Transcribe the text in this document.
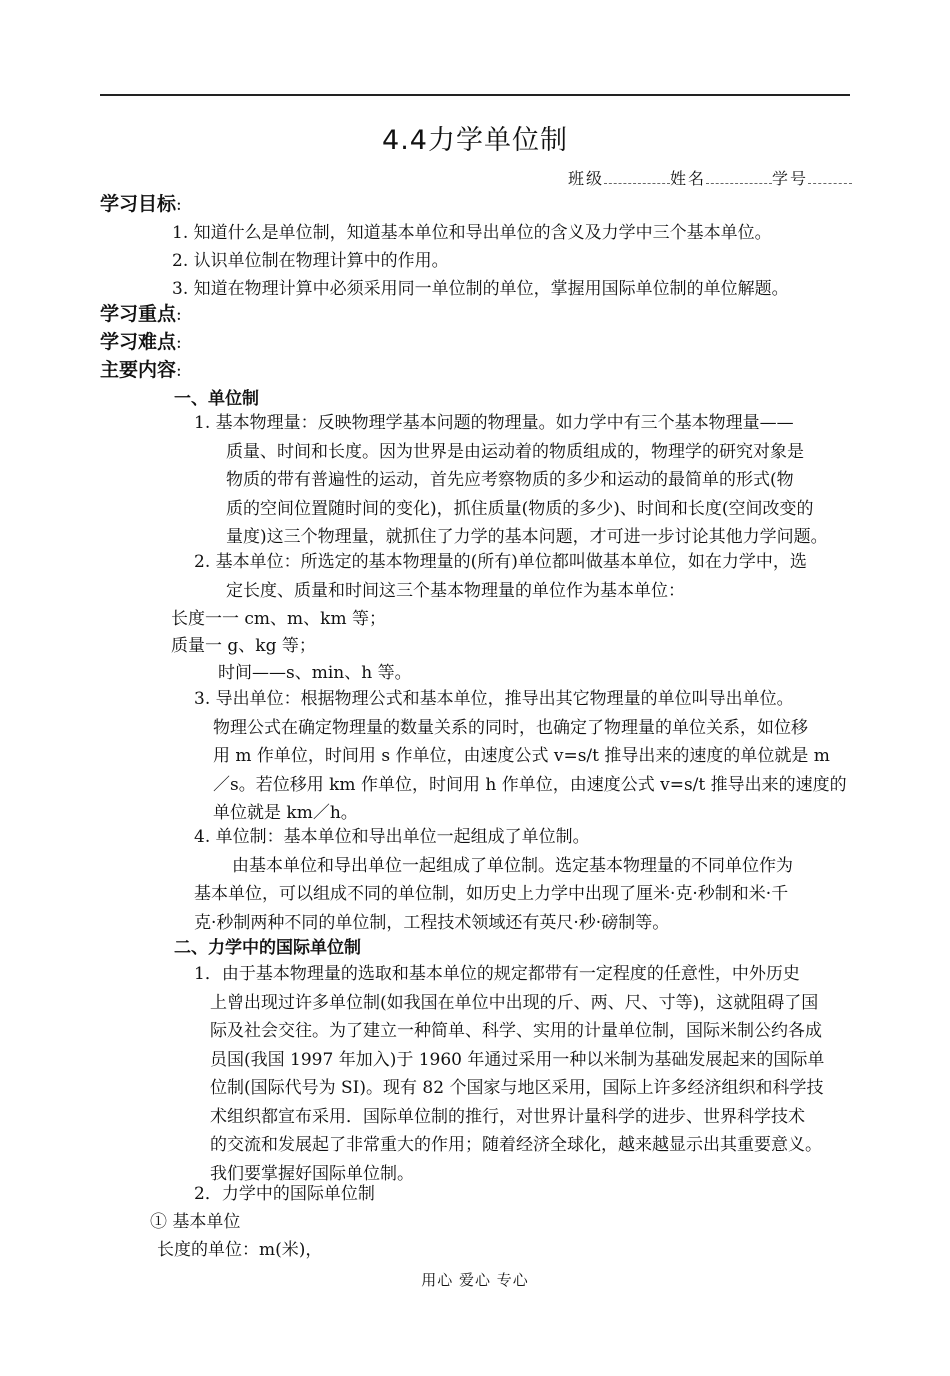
4.4力学单位制
班级	姓名	学号
学习目标:
1. 知道什么是单位制，知道基本单位和导出单位的含义及力学中三个基本单位。
2. 认识单位制在物理计算中的作用。
3. 知道在物理计算中必须采用同一单位制的单位，掌握用国际单位制的单位解题。
学习重点:
学习难点:
主要内容:
一、单位制
1. 基本物理量：反映物理学基本问题的物理量。如力学中有三个基本物理量——
质量、时间和长度。因为世界是由运动着的物质组成的，物理学的研究对象是
物质的带有普遍性的运动，首先应考察物质的多少和运动的最简单的形式(物
质的空间位置随时间的变化)，抓住质量(物质的多少)、时间和长度(空间改变的
量度)这三个物理量，就抓住了力学的基本问题，才可进一步讨论其他力学问题。
2. 基本单位：所选定的基本物理量的(所有)单位都叫做基本单位，如在力学中，选
定长度、质量和时间这三个基本物理量的单位作为基本单位：
长度一一 cm、m、km 等；
质量一 g、kg 等；
时间——s、min、h 等。
3. 导出单位：根据物理公式和基本单位，推导出其它物理量的单位叫导出单位。
物理公式在确定物理量的数量关系的同时，也确定了物理量的单位关系，如位移
用 m 作单位，时间用 s 作单位，由速度公式 v=s/t 推导出来的速度的单位就是 m
／s。若位移用 km 作单位，时间用 h 作单位，由速度公式 v=s/t 推导出来的速度的
单位就是 km／h。
4. 单位制：基本单位和导出单位一起组成了单位制。
由基本单位和导出单位一起组成了单位制。选定基本物理量的不同单位作为
基本单位，可以组成不同的单位制，如历史上力学中出现了厘米·克·秒制和米·千
克·秒制两种不同的单位制，工程技术领域还有英尺·秒·磅制等。
二、力学中的国际单位制
1．由于基本物理量的选取和基本单位的规定都带有一定程度的任意性，中外历史
上曾出现过许多单位制(如我国在单位中出现的斤、两、尺、寸等)，这就阻碍了国
际及社会交往。为了建立一种简单、科学、实用的计量单位制，国际米制公约各成
员国(我国 1997 年加入)于 1960 年通过采用一种以米制为基础发展起来的国际单
位制(国际代号为 SI)。现有 82 个国家与地区采用，国际上许多经济组织和科学技
术组织都宣布采用．国际单位制的推行，对世界计量科学的进步、世界科学技术
的交流和发展起了非常重大的作用；随着经济全球化，越来越显示出其重要意义。
我们要掌握好国际单位制。
2．力学中的国际单位制
① 基本单位
长度的单位：m(米)，
用心 爱心 专心
